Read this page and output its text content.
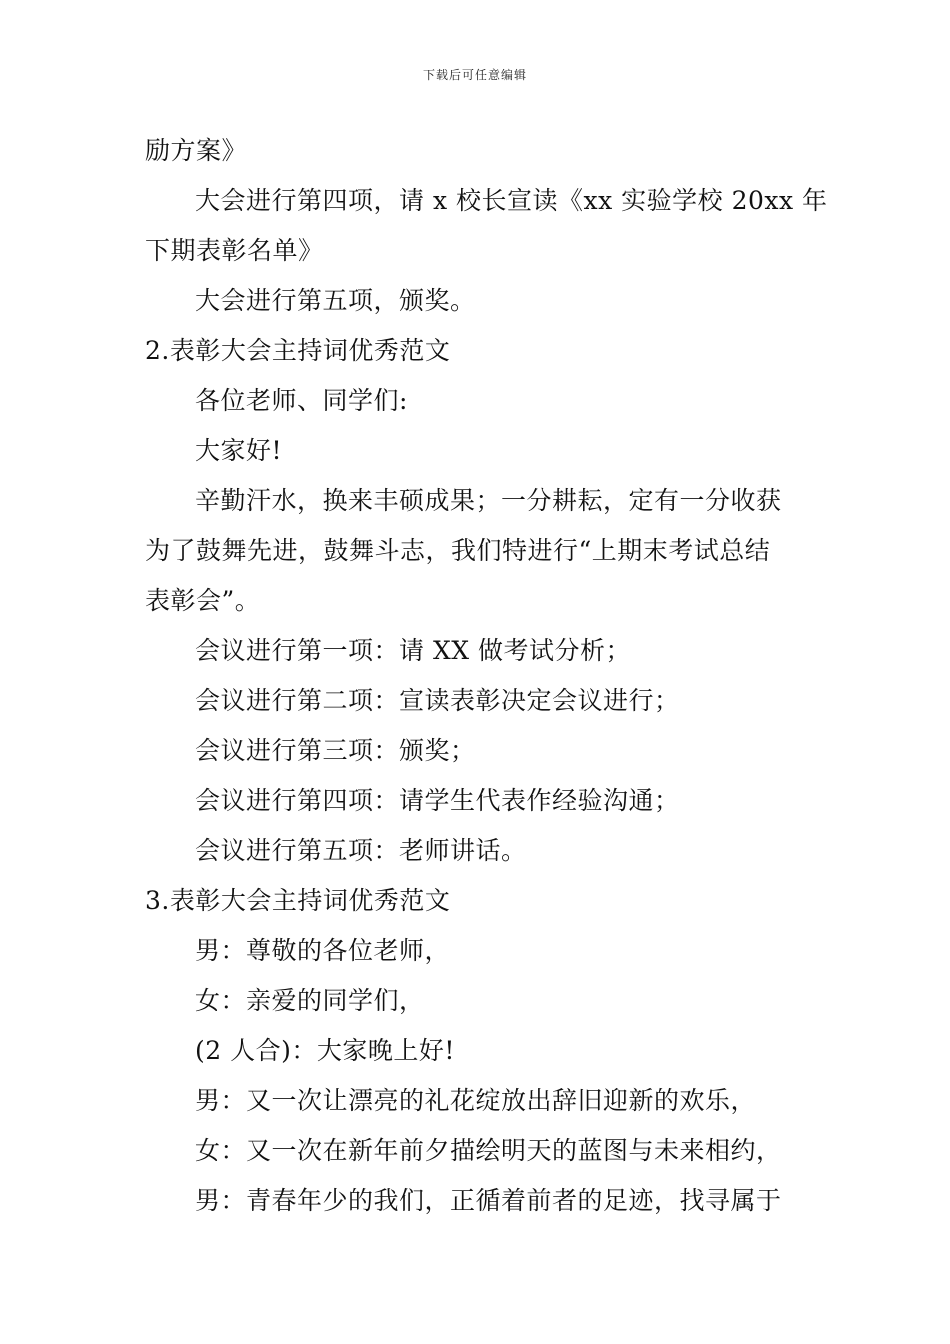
下载后可任意编辑
励方案》
大会进行第四项，请 x 校长宣读《xx 实验学校 20xx 年
下期表彰名单》
大会进行第五项，颁奖。
2.表彰大会主持词优秀范文
各位老师、同学们:
大家好!
辛勤汗水，换来丰硕成果；一分耕耘，定有一分收获
为了鼓舞先进，鼓舞斗志，我们特进行“上期末考试总结
表彰会”。
会议进行第一项：请 XX 做考试分析；
会议进行第二项：宣读表彰决定会议进行；
会议进行第三项：颁奖；
会议进行第四项：请学生代表作经验沟通；
会议进行第五项：老师讲话。
3.表彰大会主持词优秀范文
男：尊敬的各位老师，
女：亲爱的同学们，
(2 人合)：大家晚上好!
男：又一次让漂亮的礼花绽放出辞旧迎新的欢乐，
女：又一次在新年前夕描绘明天的蓝图与未来相约，
男：青春年少的我们，正循着前者的足迹，找寻属于
